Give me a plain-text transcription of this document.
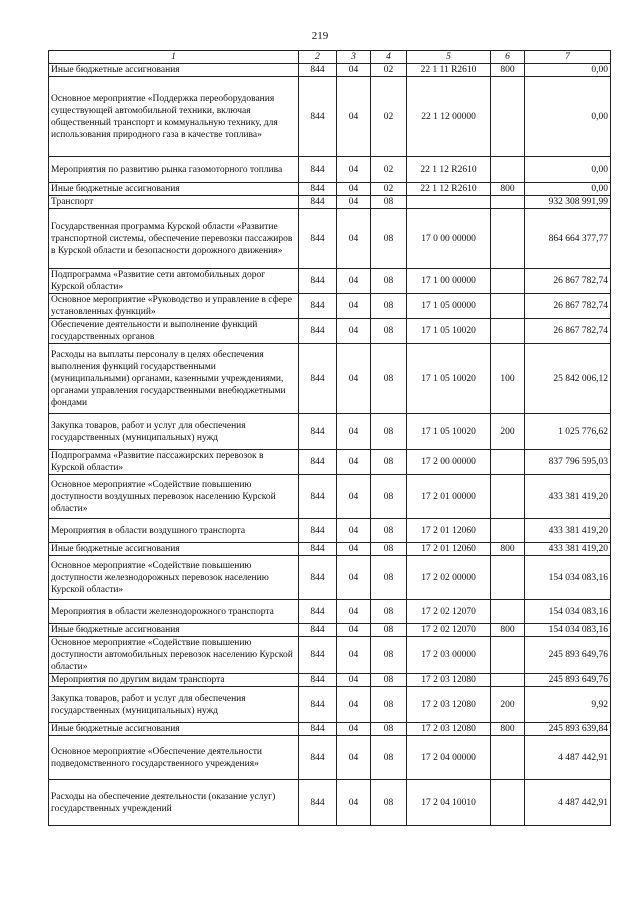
219
1	2	3	4	5	6	7
Иные бюджетные ассигнования	844	04	02	22 1 11 R2610	800	0,00
Основное мероприятие «Поддержка переоборудования существующей автомобильной техники, включая общественный транспорт и коммунальную технику, для использования природного газа в качестве топлива»	844	04	02	22 1 12 00000		0,00
Мероприятия по развитию рынка газомоторного топлива	844	04	02	22 1 12 R2610		0,00
Иные бюджетные ассигнования	844	04	02	22 1 12 R2610	800	0,00
Транспорт	844	04	08			932 308 991,99
Государственная программа Курской области «Развитие транспортной системы, обеспечение перевозки пассажиров в Курской области и безопасности дорожного движения»	844	04	08	17 0 00 00000		864 664 377,77
Подпрограмма «Развитие сети автомобильных дорог Курской области»	844	04	08	17 1 00 00000		26 867 782,74
Основное мероприятие «Руководство и управление в сфере установленных функций»	844	04	08	17 1 05 00000		26 867 782,74
Обеспечение деятельности и выполнение функций государственных органов	844	04	08	17 1 05 10020		26 867 782,74
Расходы на выплаты персоналу в целях обеспечения выполнения функций государственными (муниципальными) органами, казенными учреждениями, органами управления государственными внебюджетными фондами	844	04	08	17 1 05 10020	100	25 842 006,12
Закупка товаров, работ и услуг для обеспечения государственных (муниципальных) нужд	844	04	08	17 1 05 10020	200	1 025 776,62
Подпрограмма «Развитие пассажирских перевозок в Курской области»	844	04	08	17 2 00 00000		837 796 595,03
Основное мероприятие «Содействие повышению доступности воздушных перевозок населению Курской области»	844	04	08	17 2 01 00000		433 381 419,20
Мероприятия в области воздушного транспорта	844	04	08	17 2 01 12060		433 381 419,20
Иные бюджетные ассигнования	844	04	08	17 2 01 12060	800	433 381 419,20
Основное мероприятие «Содействие повышению доступности железнодорожных перевозок населению Курской области»	844	04	08	17 2 02 00000		154 034 083,16
Мероприятия в области железнодорожного транспорта	844	04	08	17 2 02 12070		154 034 083,16
Иные бюджетные ассигнования	844	04	08	17 2 02 12070	800	154 034 083,16
Основное мероприятие «Содействие повышению доступности автомобильных перевозок населению Курской области»	844	04	08	17 2 03 00000		245 893 649,76
Мероприятия по другим видам транспорта	844	04	08	17 2 03 12080		245 893 649,76
Закупка товаров, работ и услуг для обеспечения государственных (муниципальных) нужд	844	04	08	17 2 03 12080	200	9,92
Иные бюджетные ассигнования	844	04	08	17 2 03 12080	800	245 893 639,84
Основное мероприятие «Обеспечение деятельности подведомственного государственного учреждения»	844	04	08	17 2 04 00000		4 487 442,91
Расходы на обеспечение деятельности (оказание услуг) государственных учреждений	844	04	08	17 2 04 10010		4 487 442,91
